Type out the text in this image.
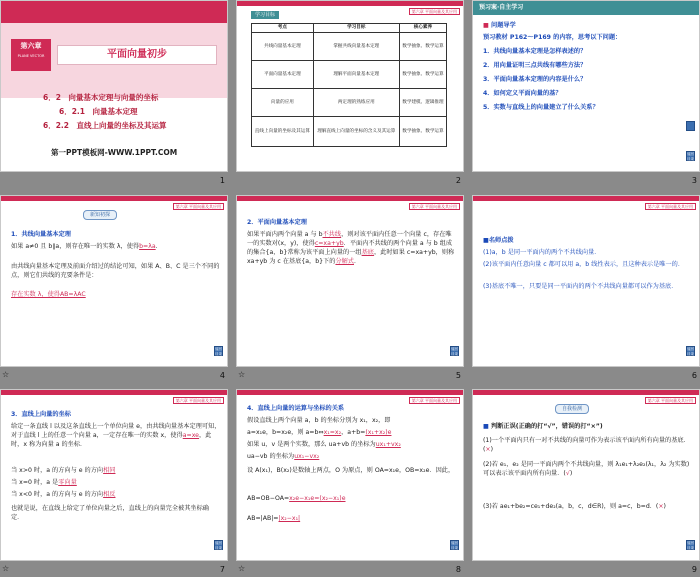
第六章
PLANE VECTOR	平面向量初步
6．2　向量基本定理与向量的坐标
6．2.1　向量基本定理
6．2.2　直线上向量的坐标及其运算
第一PPT模板网-WWW.1PPT.COM
1
第六章 平面向量及其应用
学习目标
考点	学习目标	核心素养
共线向量基本定理	掌握共线向量基本定理	数学抽象、数学运算
平面向量基本定理	理解平面向量基本定理	数学抽象、数学运算
向量的应用	两定理的熟练应用	数学建模、逻辑推理
直线上向量的坐标及其运算	理解直线上向量的坐标的含义及其运算	数学抽象、数学运算
2
预习案·自主学习
■ 问题导学
预习教材 P162～P169 的内容，思考以下问题：
1．共线向量基本定理是怎样表述的？
2．用向量证明三点共线有哪些方法？
3．平面向量基本定理的内容是什么？
4．如何定义平面向量的基？
5．实数与直线上的向量建立了什么关系？
返回目录
3
第六章 平面向量及其应用
新知初探
1．共线向量基本定理
如果 a≠0 且 b∥a，则存在唯一的实数 λ，使得b=λa．
由共线向量基本定理及前面介绍过的结论可知，如果 A、B、C 是三个不同的点，则它们共线的充要条件是：
存在实数 λ，使得AB=λAC
返回目录
☆	4
第六章 平面向量及其应用
2．平面向量基本定理
如果平面内两个向量 a 与 b不共线，则对该平面内任意一个向量 c，存在唯一的实数对(x，y)，使得c=xa+yb．平面内不共线的两个向量 a 与 b 组成的集合{a，b}常称为该平面上向量的一组基底，此时如果 c=xa+yb，则称 xa+yb 为 c 在基底{a，b}下的分解式．
返回目录
☆	5
第六章 平面向量及其应用
■名师点拨
(1)a，b 是同一平面内的两个不共线向量．
(2)该平面内任意向量 c 都可以用 a，b 线性表示，且这种表示是唯一的．
(3)基底不唯一，只要是同一平面内的两个不共线向量都可以作为基底．
返回目录
6
第六章 平面向量及其应用
3．直线上向量的坐标
给定一条直线 l 以及这条直线上一个单位向量 e，由共线向量基本定理可知，对于直线 l 上的任意一个向量 a，一定存在唯一的实数 x，使得a=xe，此时，x 称为向量 a 的坐标．
当 x>0 时，a 的方向与 e 的方向相同
当 x=0 时，a 是零向量
当 x<0 时，a 的方向与 e 的方向相反
也就是说，在直线上给定了单位向量之后，直线上的向量完全被其坐标确定．
返回目录
☆	7
第六章 平面向量及其应用
4．直线上向量的运算与坐标的关系
假设直线上两个向量 a，b 的坐标分别为 x₁，x₂，即
a=x₁e，b=x₂e，则 a=b⇔x₁=x₂，a+b=(x₁+x₂)e
如果 u，v 是两个实数，那么 ua+vb 的坐标为ux₁+vx₂
ua−vb 的坐标为ux₁−vx₂
设 A(x₁)，B(x₂)是数轴上两点，O 为原点，则 OA=x₁e，OB=x₂e．因此，
AB=OB−OA=x₂e−x₁e=(x₂−x₁)e
AB=|AB|=|x₂−x₁|
返回目录
☆	8
第六章 平面向量及其应用
自我检测
■ 判断正误(正确的打“√”，错误的打“×”)
(1)一个平面内只有一对不共线的向量可作为表示该平面内所有向量的基底．(×)
(2)若 e₁，e₂ 是同一平面内两个不共线向量，则 λ₁e₁+λ₂e₂(λ₁，λ₂ 为实数)可以表示该平面内所有向量．(√)
(3)若 ae₁+be₂=ce₁+de₂(a，b，c，d∈R)，则 a=c，b=d．(×)
返回目录
9
